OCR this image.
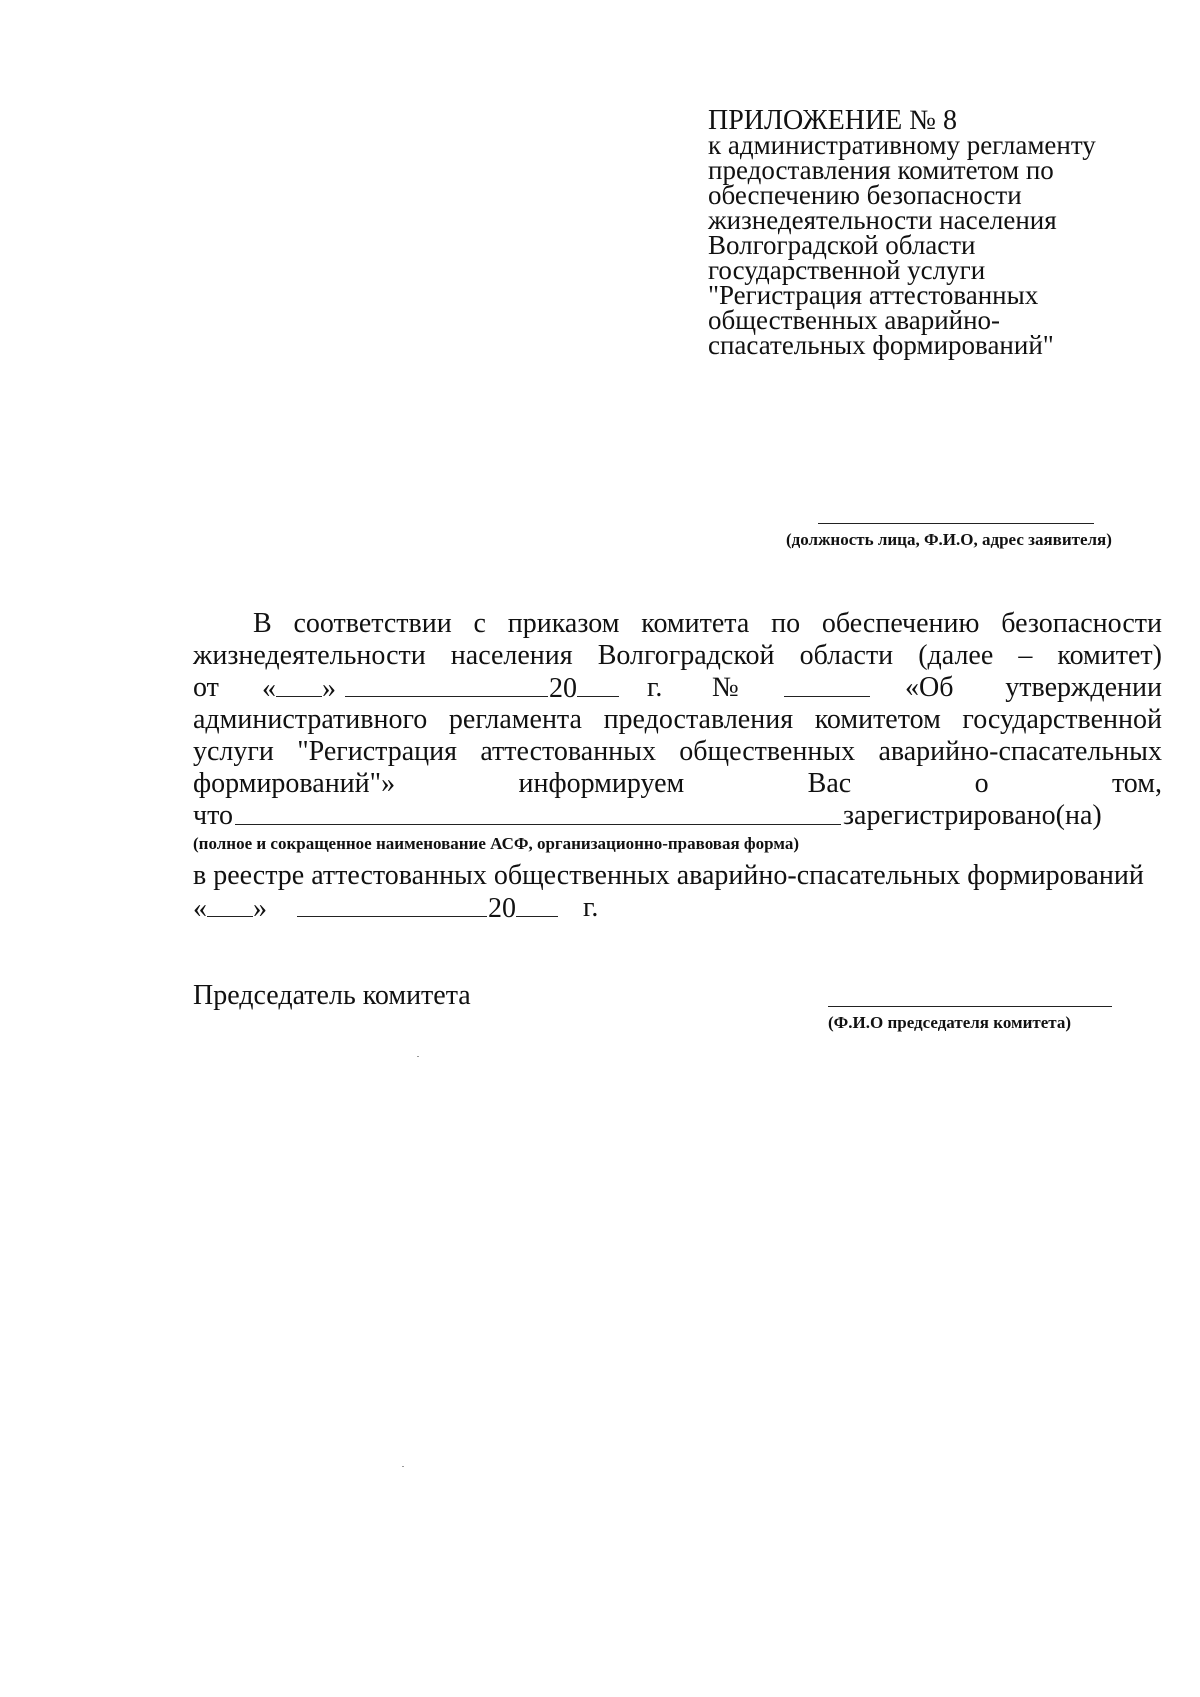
ПРИЛОЖЕНИЕ № 8
к административному регламенту
предоставления комитетом по
обеспечению безопасности
жизнедеятельности населения
Волгоградской области
государственной услуги
"Регистрация аттестованных
общественных аварийно-
спасательных формирований"
(должность лица, Ф.И.О, адрес заявителя)
В соответствии с приказом комитета по обеспечению безопасности
жизнедеятельности населения Волгоградской области (далее – комитет)
от « »	20	г. №	«Об утверждении
административного регламента предоставления комитетом государственной
услуги "Регистрация аттестованных общественных аварийно-спасательных
формирований"»	информируем	Вас	о	том,
что	зарегистрировано(на)
(полное и сокращенное наименование АСФ, организационно-правовая форма)
в реестре аттестованных общественных аварийно-спасательных формирований
« »	20	г.
Председатель комитета
(Ф.И.О председателя комитета)
